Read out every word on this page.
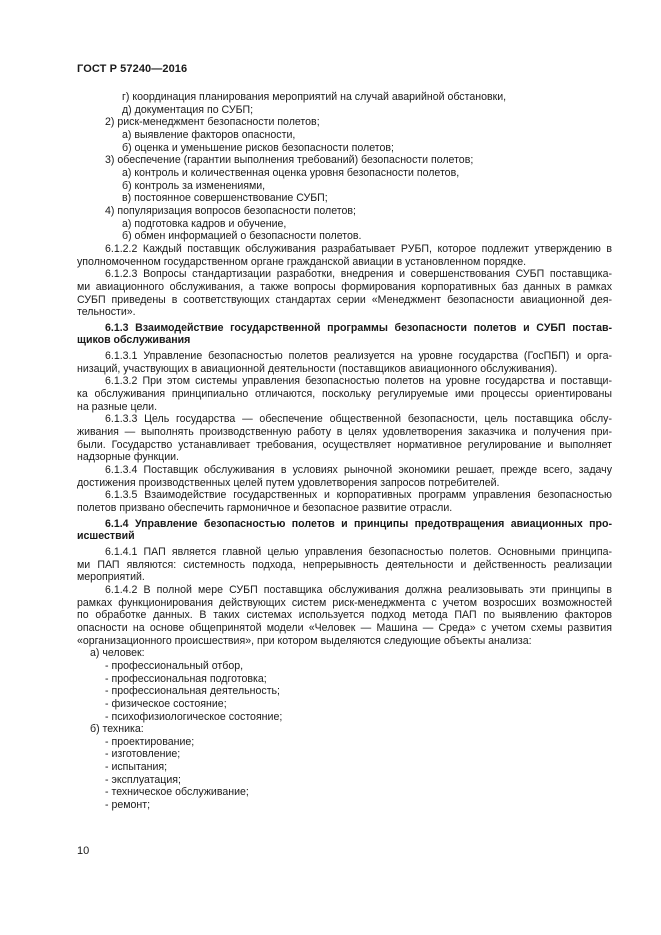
ГОСТ Р 57240—2016
г) координация планирования мероприятий на случай аварийной обстановки,
д) документация по СУБП;
2) риск-менеджмент безопасности полетов;
а) выявление факторов опасности,
б) оценка и уменьшение рисков безопасности полетов;
3) обеспечение (гарантии выполнения требований) безопасности полетов;
а) контроль и количественная оценка уровня безопасности полетов,
б) контроль за изменениями,
в) постоянное совершенствование СУБП;
4) популяризация вопросов безопасности полетов;
а) подготовка кадров и обучение,
б) обмен информацией о безопасности полетов.
6.1.2.2 Каждый поставщик обслуживания разрабатывает РУБП, которое подлежит утверждению в
уполномоченном государственном органе гражданской авиации в установленном порядке.
6.1.2.3 Вопросы стандартизации разработки, внедрения и совершенствования СУБП поставщика-
ми авиационного обслуживания, а также вопросы формирования корпоративных баз данных в рамках
СУБП приведены в соответствующих стандартах серии «Менеджмент безопасности авиационной дея-
тельности».
6.1.3 Взаимодействие государственной программы безопасности полетов и СУБП постав-
щиков обслуживания
6.1.3.1 Управление безопасностью полетов реализуется на уровне государства (ГосПБП) и орга-
низаций, участвующих в авиационной деятельности (поставщиков авиационного обслуживания).
6.1.3.2 При этом системы управления безопасностью полетов на уровне государства и поставщи-
ка обслуживания принципиально отличаются, поскольку регулируемые ими процессы ориентированы
на разные цели.
6.1.3.3 Цель государства — обеспечение общественной безопасности, цель поставщика обслу-
живания — выполнять производственную работу в целях удовлетворения заказчика и получения при-
были. Государство устанавливает требования, осуществляет нормативное регулирование и выполняет
надзорные функции.
6.1.3.4 Поставщик обслуживания в условиях рыночной экономики решает, прежде всего, задачу
достижения производственных целей путем удовлетворения запросов потребителей.
6.1.3.5 Взаимодействие государственных и корпоративных программ управления безопасностью
полетов призвано обеспечить гармоничное и безопасное развитие отрасли.
6.1.4 Управление безопасностью полетов и принципы предотвращения авиационных про-
исшествий
6.1.4.1 ПАП является главной целью управления безопасностью полетов. Основными принципа-
ми ПАП являются: системность подхода, непрерывность деятельности и действенность реализации
мероприятий.
6.1.4.2 В полной мере СУБП поставщика обслуживания должна реализовывать эти принципы в
рамках функционирования действующих систем риск-менеджмента с учетом возросших возможностей
по обработке данных. В таких системах используется подход метода ПАП по выявлению факторов
опасности на основе общепринятой модели «Человек — Машина — Среда» с учетом схемы развития
«организационного происшествия», при котором выделяются следующие объекты анализа:
а) человек:
- профессиональный отбор,
- профессиональная подготовка;
- профессиональная деятельность;
- физическое состояние;
- психофизиологическое состояние;
б) техника:
- проектирование;
- изготовление;
- испытания;
- эксплуатация;
- техническое обслуживание;
- ремонт;
10
